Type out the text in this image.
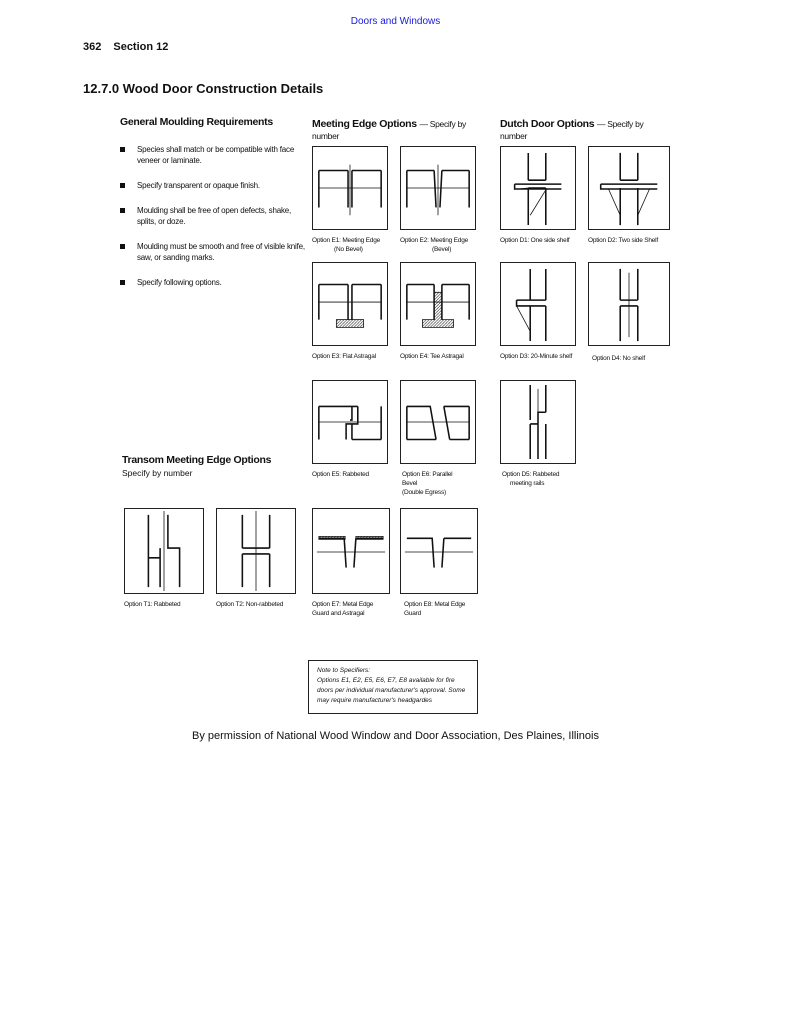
Doors and Windows
362 Section 12
12.7.0 Wood Door Construction Details
General Moulding Requirements
Species shall match or be compatible with face veneer or laminate.
Specify transparent or opaque finish.
Moulding shall be free of open defects, shake, splits, or doze.
Moulding must be smooth and free of visible knife, saw, or sanding marks.
Specify following options.
Meeting Edge Options — Specify by
number
Dutch Door Options — Specify by
number
Option E1: Meeting Edge
(No Bevel)
Option E2: Meeting Edge
(Bevel)
Option D1: One side shelf	Option D2: Two side Shelf
Option E3: Flat Astragal	Option E4: Tee Astragal	Option D3: 20-Minute shelf	Option D4: No shelf
Option E5: Rabbeted	Option E6: Parallel
Bevel
(Double Egress)
Option D5: Rabbeted
meeting rails
Transom Meeting Edge Options
Specify by number
Option T1: Rabbeted	Option T2: Non-rabbeted	Option E7: Metal Edge
Guard and Astragal
Option E8: Metal Edge
Guard
Note to Specifiers:
Options E1, E2, E5, E6, E7, E8 available for fire
doors per individual manufacturer's approval. Some
may require manufacturer's headgardes
By permission of National Wood Window and Door Association, Des Plaines, Illinois
